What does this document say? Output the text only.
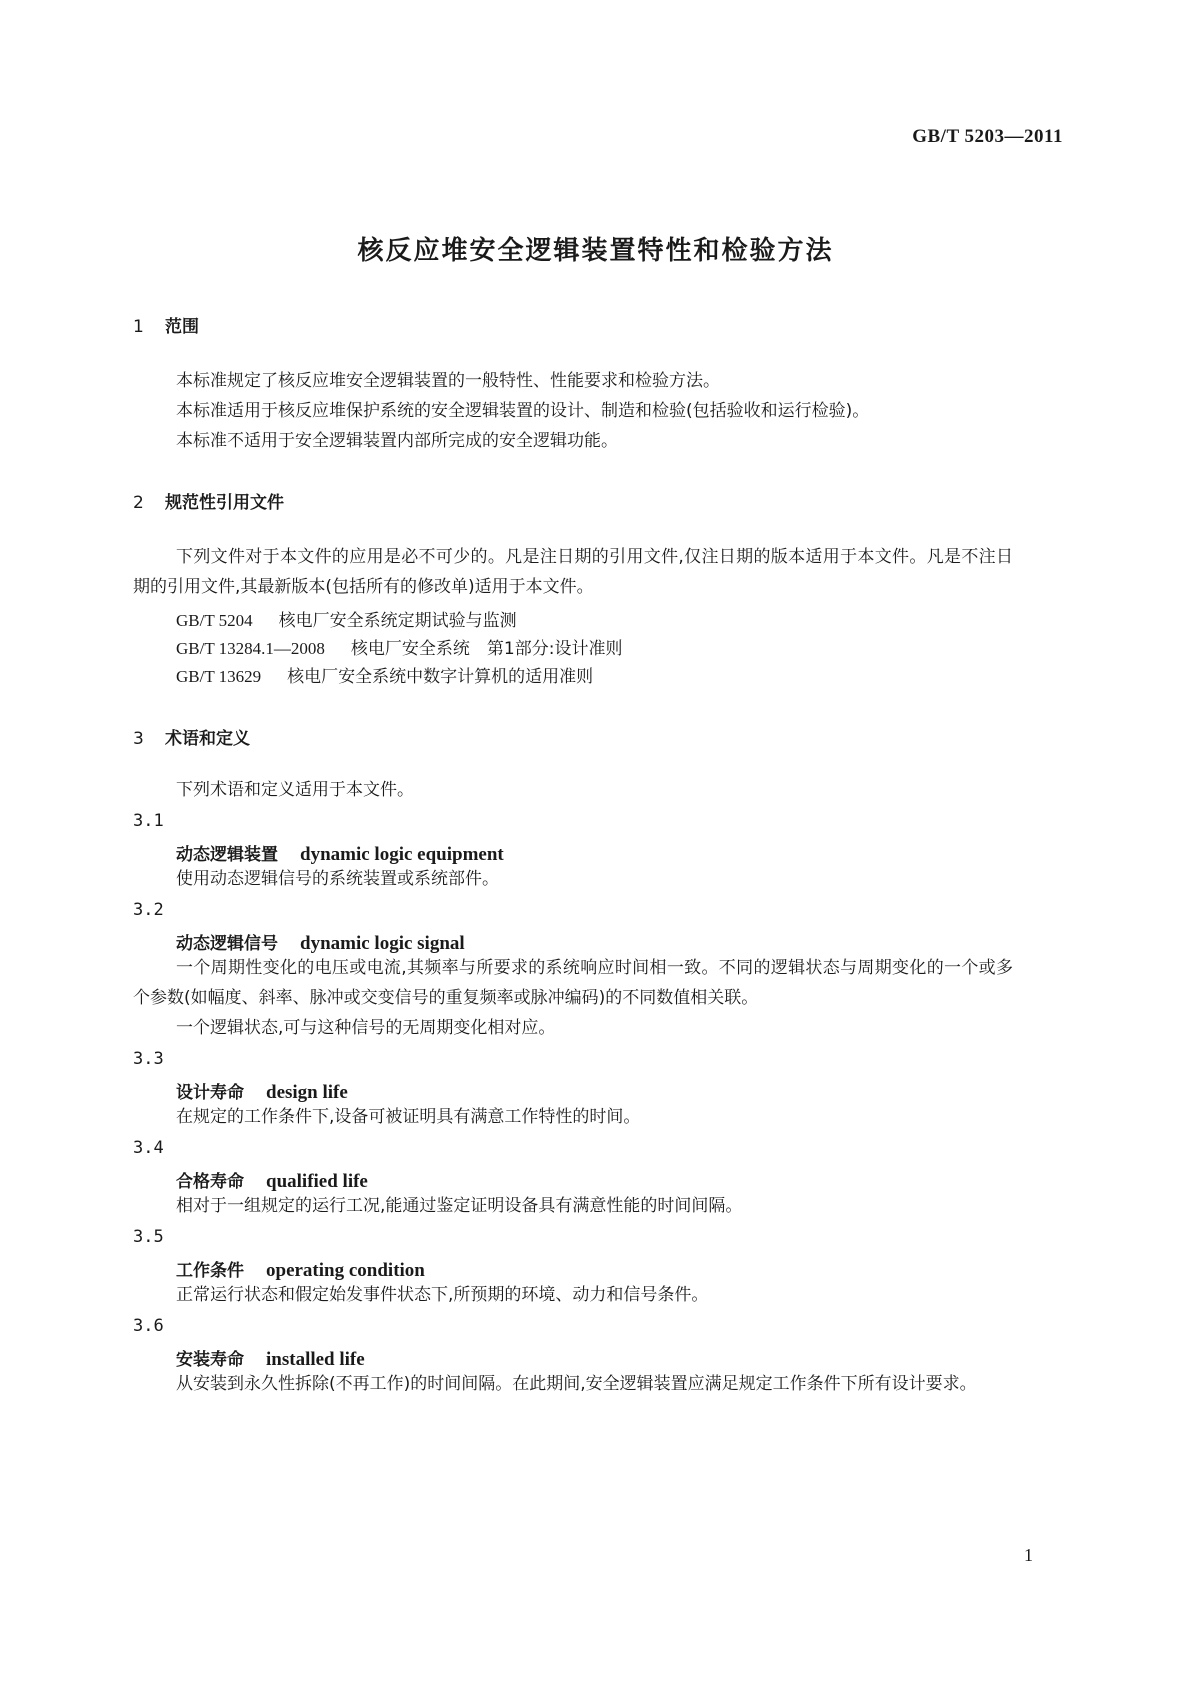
GB/T 5203—2011
核反应堆安全逻辑装置特性和检验方法
1 范围
本标准规定了核反应堆安全逻辑装置的一般特性、性能要求和检验方法。
本标准适用于核反应堆保护系统的安全逻辑装置的设计、制造和检验(包括验收和运行检验)。
本标准不适用于安全逻辑装置内部所完成的安全逻辑功能。
2 规范性引用文件
下列文件对于本文件的应用是必不可少的。凡是注日期的引用文件,仅注日期的版本适用于本文件。凡是不注日期的引用文件,其最新版本(包括所有的修改单)适用于本文件。
GB/T 5204 核电厂安全系统定期试验与监测
GB/T 13284.1—2008 核电厂安全系统　第1部分:设计准则
GB/T 13629 核电厂安全系统中数字计算机的适用准则
3 术语和定义
下列术语和定义适用于本文件。
3.1
动态逻辑装置 dynamic logic equipment
使用动态逻辑信号的系统装置或系统部件。
3.2
动态逻辑信号 dynamic logic signal
一个周期性变化的电压或电流,其频率与所要求的系统响应时间相一致。不同的逻辑状态与周期变化的一个或多个参数(如幅度、斜率、脉冲或交变信号的重复频率或脉冲编码)的不同数值相关联。
一个逻辑状态,可与这种信号的无周期变化相对应。
3.3
设计寿命 design life
在规定的工作条件下,设备可被证明具有满意工作特性的时间。
3.4
合格寿命 qualified life
相对于一组规定的运行工况,能通过鉴定证明设备具有满意性能的时间间隔。
3.5
工作条件 operating condition
正常运行状态和假定始发事件状态下,所预期的环境、动力和信号条件。
3.6
安装寿命 installed life
从安装到永久性拆除(不再工作)的时间间隔。在此期间,安全逻辑装置应满足规定工作条件下所有设计要求。
1
